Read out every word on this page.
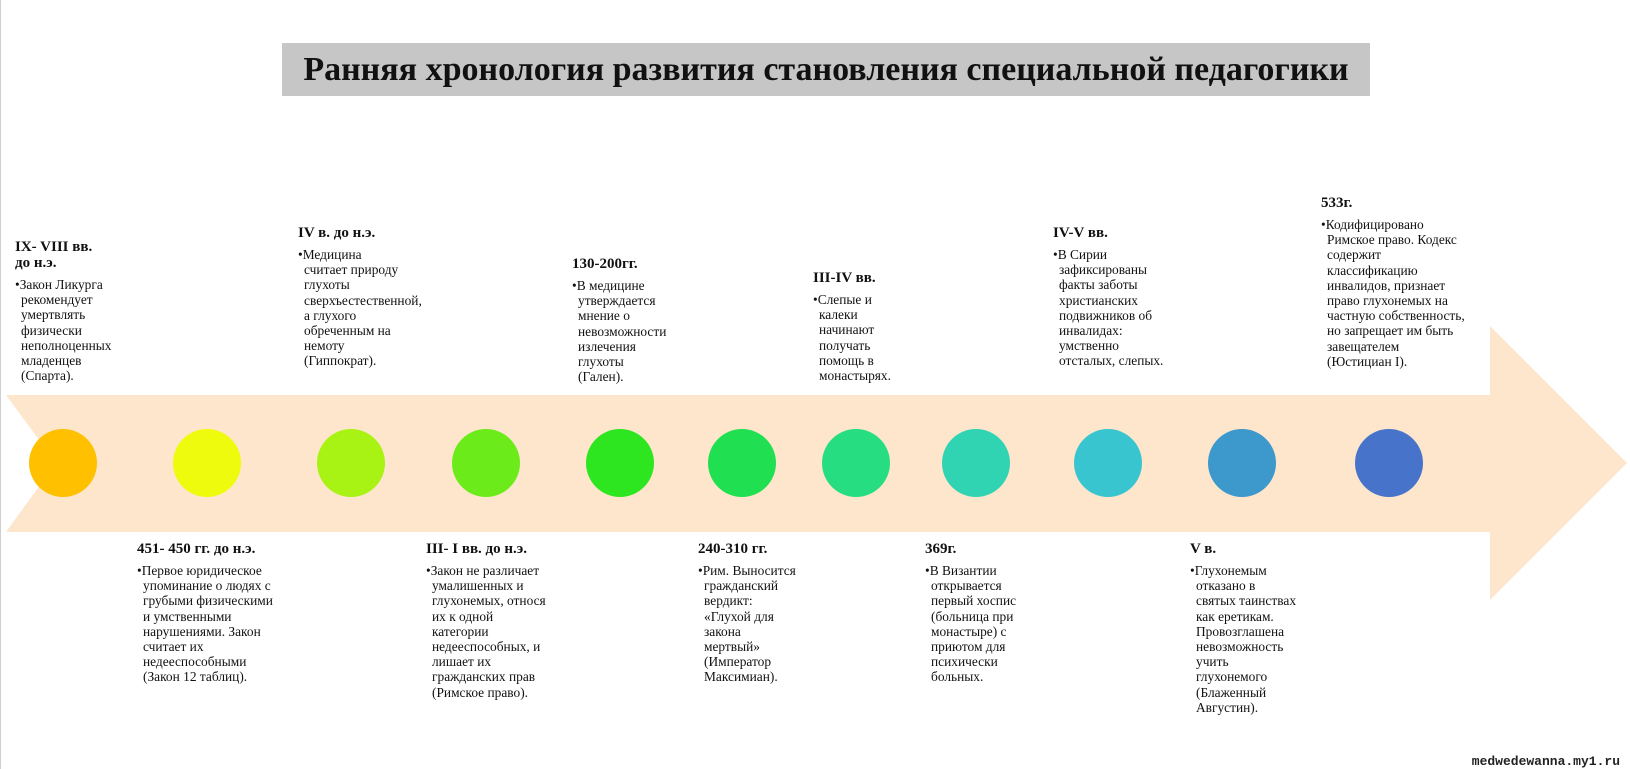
Ранняя хронология развития становления специальной педагогики
IX- VIII вв. до н.э.
•Закон Ликурга рекомендует умертвлять физически неполноценных младенцев (Спарта).
451- 450 гг. до н.э.
•Первое юридическое упоминание о людях с грубыми физическими и умственными нарушениями. Закон считает их недееспособными (Закон 12 таблиц).
IV в. до н.э.
•Медицина считает природу глухоты сверхъестественной, а глухого обреченным на немоту (Гиппократ).
III- I вв. до н.э.
•Закон не различает умалишенных и глухонемых, относя их к одной категории недееспособных, и лишает их гражданских прав (Римское право).
130-200гг.
•В медицине утверждается мнение о невозможности излечения глухоты (Гален).
240-310 гг.
•Рим. Выносится гражданский вердикт: «Глухой для закона мертвый» (Император Максимиан).
III-IV вв.
•Слепые и калеки начинают получать помощь в монастырях.
369г.
•В Византии открывается первый хоспис (больница при монастыре) с приютом для психически больных.
IV-V вв.
•В Сирии зафиксированы факты заботы христианских подвижников об инвалидах: умственно отсталых, слепых.
V в.
•Глухонемым отказано в святых таинствах как еретикам. Провозглашена невозможность учить глухонемого (Блаженный Августин).
533г.
•Кодифицировано Римское право. Кодекс содержит классификацию инвалидов, признает право глухонемых на частную собственность, но запрещает им быть завещателем (Юстициан I).
medwedewanna.my1.ru
